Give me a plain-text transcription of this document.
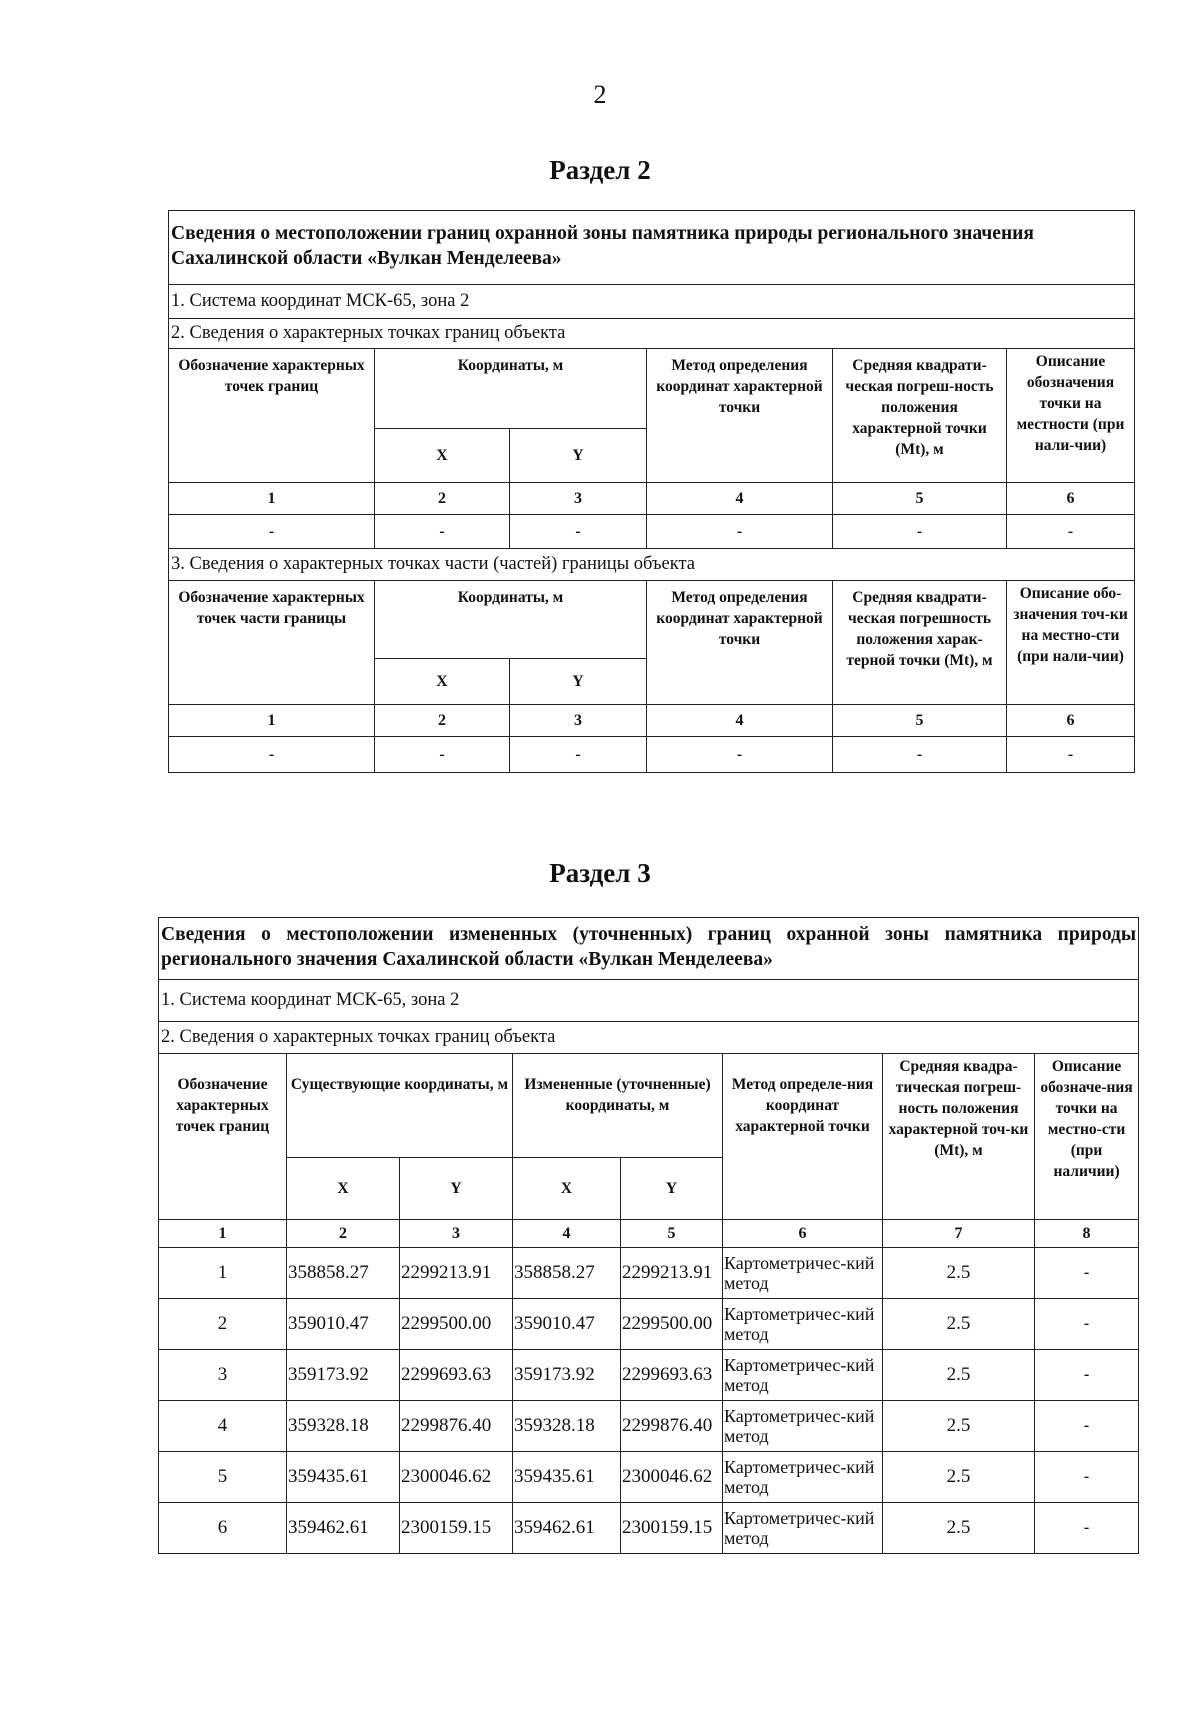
2
Раздел 2
Сведения о местоположении границ охранной зоны памятника природы регионального значения Сахалинской области «Вулкан Менделеева»					
1. Система координат МСК-65, зона 2					
2. Сведения о характерных точках границ объекта					
Обозначение характерных точек границ	Координаты, м		Метод определения координат характерной точки	Средняя квадрати-ческая погреш-ность положения характерной точки (Mt), м	Описание обозначения точки на местности (при нали-чии)
	X	Y			
1	2	3	4	5	6
-	-	-	-	-	-
3. Сведения о характерных точках части (частей) границы объекта					
Обозначение характерных точек части границы	Координаты, м		Метод определения координат характерной точки	Средняя квадрати-ческая погрешность положения харак-терной точки (Mt), м	Описание обо-значения точ-ки на местно-сти (при нали-чии)
	X	Y			
1	2	3	4	5	6
-	-	-	-	-	-
Раздел 3
Сведения о местоположении измененных (уточненных) границ охранной зоны памятника природы регионального значения Сахалинской области «Вулкан Менделеева»							
1. Система координат МСК-65, зона 2							
2. Сведения о характерных точках границ объекта							
Обозначение характерных точек границ	Существующие координаты, м		Измененные (уточненные) координаты, м		Метод определе-ния координат характерной точки	Средняя квадра-тическая погреш-ность положения характерной точ-ки (Mt), м	Описание обозначе-ния точки на местно-сти (при наличии)
	X	Y	X	Y			
1	2	3	4	5	6	7	8
1	358858.27	2299213.91	358858.27	2299213.91	Картометричес-кий метод	2.5	-
2	359010.47	2299500.00	359010.47	2299500.00	Картометричес-кий метод	2.5	-
3	359173.92	2299693.63	359173.92	2299693.63	Картометричес-кий метод	2.5	-
4	359328.18	2299876.40	359328.18	2299876.40	Картометричес-кий метод	2.5	-
5	359435.61	2300046.62	359435.61	2300046.62	Картометричес-кий метод	2.5	-
6	359462.61	2300159.15	359462.61	2300159.15	Картометричес-кий метод	2.5	-
